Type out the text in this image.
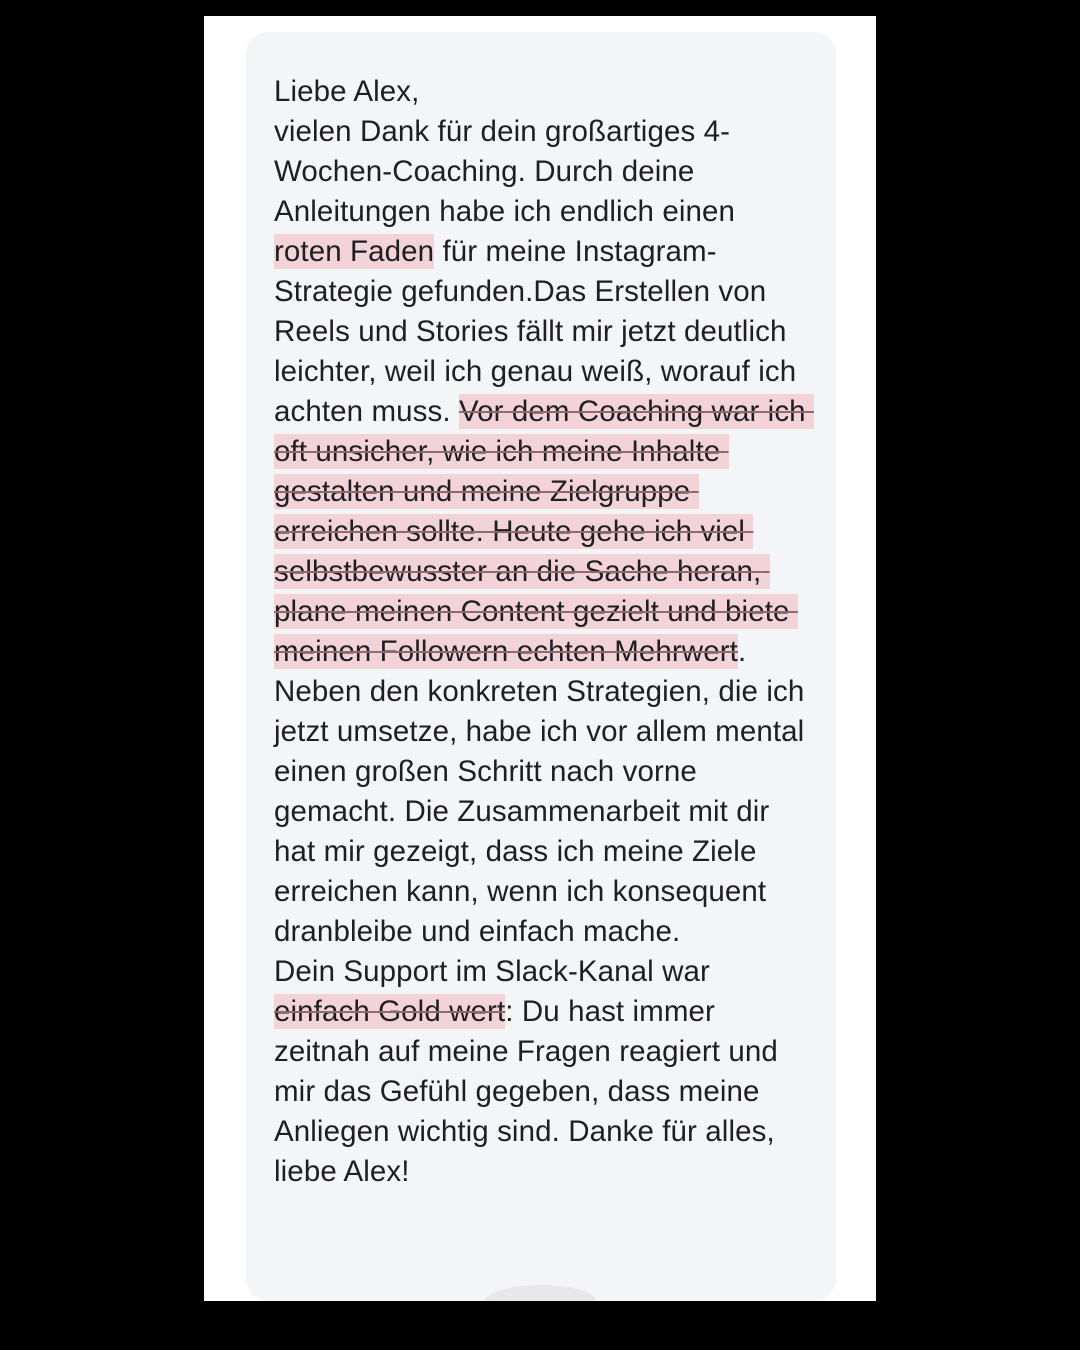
Liebe Alex,
vielen Dank für dein großartiges 4-Wochen-Coaching. Durch deine Anleitungen habe ich endlich einen roten Faden für meine Instagram-Strategie gefunden.Das Erstellen von Reels und Stories fällt mir jetzt deutlich leichter, weil ich genau weiß, worauf ich achten muss. Vor dem Coaching war ich oft unsicher, wie ich meine Inhalte gestalten und meine Zielgruppe erreichen sollte. Heute gehe ich viel selbstbewusster an die Sache heran, plane meinen Content gezielt und biete meinen Followern echten Mehrwert.
Neben den konkreten Strategien, die ich jetzt umsetze, habe ich vor allem mental einen großen Schritt nach vorne gemacht. Die Zusammenarbeit mit dir hat mir gezeigt, dass ich meine Ziele erreichen kann, wenn ich konsequent dranbleibe und einfach mache.
Dein Support im Slack-Kanal war einfach Gold wert: Du hast immer zeitnah auf meine Fragen reagiert und mir das Gefühl gegeben, dass meine Anliegen wichtig sind. Danke für alles, liebe Alex!
